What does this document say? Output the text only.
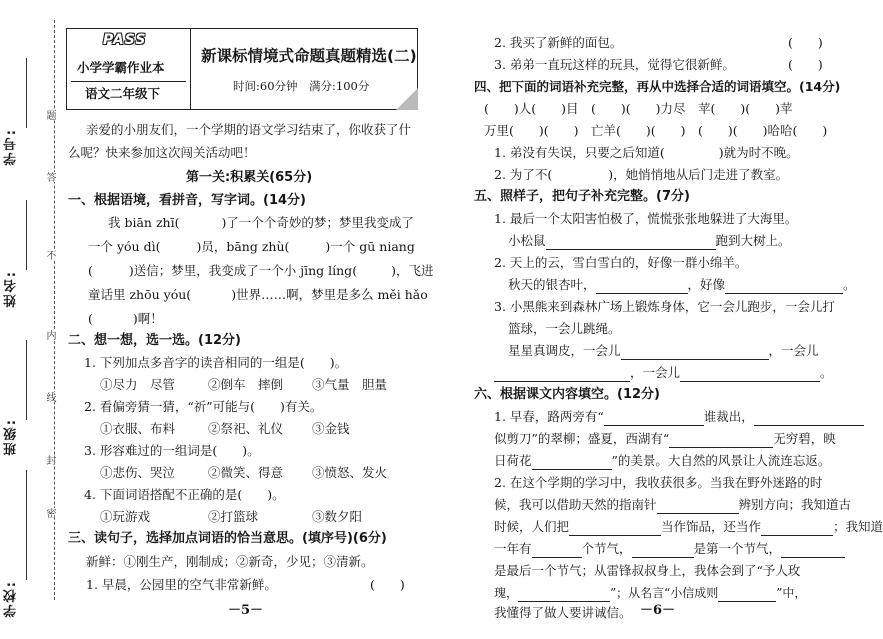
学号:
姓名:
班级:
学校:
题
答
不
内
线
封
密
PASS
小学学霸作业本
语文二年级下
新课标情境式命题真题精选(二)
时间:60分钟　满分:100分
亲爱的小朋友们，一个学期的语文学习结束了，你收获了什
么呢？快来参加这次闯关活动吧！
第一关:积累关(65分)
一、根据语境，看拼音，写字词。(14分)
我 biān zhī(	)了一个个奇妙的梦；梦里我变成了
一个 yóu dì(	)员，bāng zhù(	)一个 gū niang
(	)送信；梦里，我变成了一个小 jīng líng(	)，飞进
童话里 zhōu yóu(	)世界……啊，梦里是多么 měi hǎo
(	)啊！
二、想一想，选一选。(12分)
1. 下列加点多音字的读音相同的一组是(　　)。
①尽力　尽管	②倒车　摔倒 ③气量　胆量
2. 看偏旁猜一猜，“祈”可能与(　　)有关。
①衣服、布料	②祭祀、礼仪 ③金钱
3. 形容难过的一组词是(　　)。
①悲伤、哭泣	②微笑、得意 ③愤怒、发火
4. 下面词语搭配不正确的是(　　)。
①玩游戏	②打篮球	③数夕阳
三、读句子，选择加点词语的恰当意思。(填序号)(6分)
新鲜：①刚生产，刚制成；②新奇，少见；③清新。
1. 早晨，公园里的空气非常新鲜。	(　　)
－5－
2. 我买了新鲜的面包。	(　　)
3. 弟弟一直玩这样的玩具，觉得它很新鲜。	(　　)
四、把下面的词语补充完整，再从中选择合适的词语填空。(14分)
(　　)人(　　)目　(　　)(　　)力尽　苹(　　)(　　)苹
万里(　　)(　　)　亡羊(　　)(　　)　(　　)(　　)哈哈(　　)
1. 弟没有失误，只要之后知道(	)就为时不晚。
2. 为了不(	)，她悄悄地从后门走进了教室。
五、照样子，把句子补充完整。(7分)
1. 最后一个太阳害怕极了，慌慌张张地躲进了大海里。
小松鼠	跑到大树上。
2. 天上的云，雪白雪白的，好像一群小绵羊。
秋天的银杏叶，	，好像	。
3. 小黑熊来到森林广场上锻炼身体，它一会儿跑步，一会儿打
篮球，一会儿跳绳。
星星真调皮，一会儿	，一会儿
，一会儿	。
六、根据课文内容填空。(12分)
1. 早春，路两旁有“	谁裁出，
似剪刀”的翠柳；盛夏，西湖有“	无穷碧，映
日荷花	”的美景。大自然的风景让人流连忘返。
2. 在这个学期的学习中，我收获很多。当我在野外迷路的时
候，我可以借助天然的指南针	辨别方向；我知道古
时候，人们把	当作饰品，还当作	；我知道
一年有	个节气，	是第一个节气，
是最后一个节气；从雷锋叔叔身上，我体会到了“予人玫
瑰，	”；从名言“小信成则	”中，
我懂得了做人要讲诚信。 －6－
